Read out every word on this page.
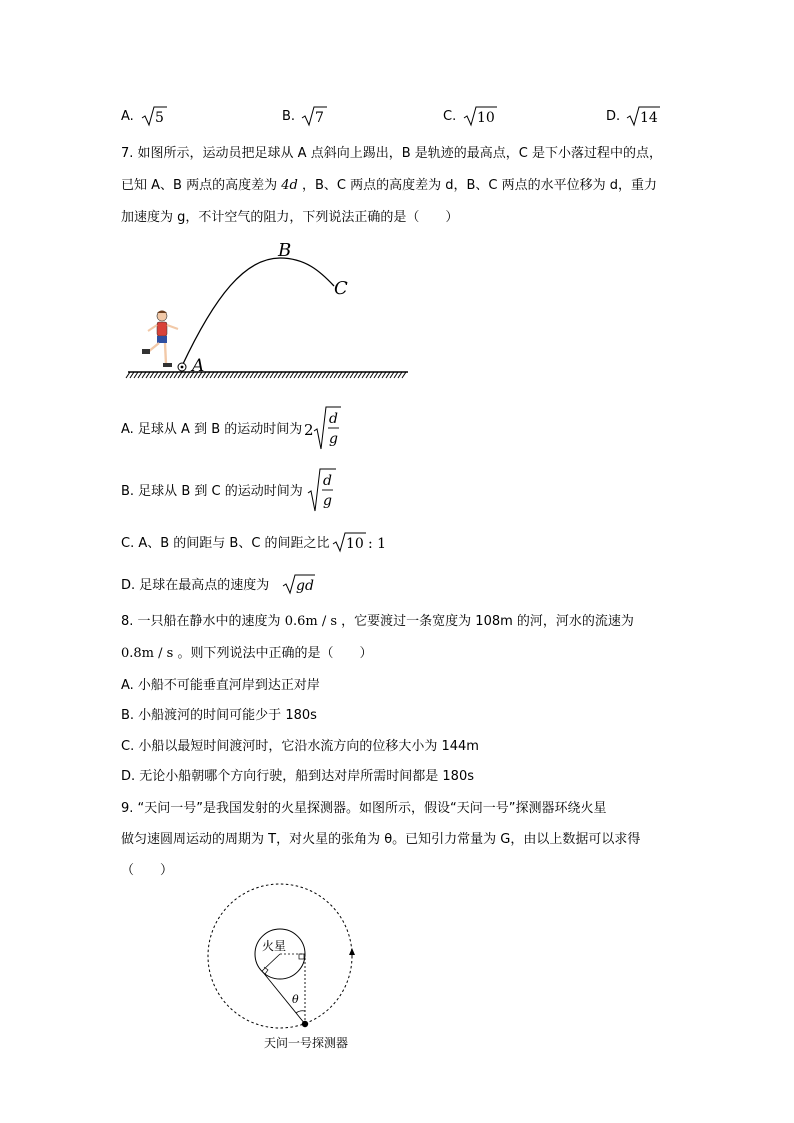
A. 5	B. 7	C. 10	D. 14
7. 如图所示，运动员把足球从 A 点斜向上踢出，B 是轨迹的最高点，C 是下小落过程中的点，
已知 A、B 两点的高度差为 4d ，B、C 两点的高度差为 d，B、C 两点的水平位移为 d，重力
加速度为 g，不计空气的阻力，下列说法正确的是（　　）
A
B
C
A. 足球从 A 到 B 的运动时间为 2
d
g
B. 足球从 B 到 C 的运动时间为
d
g
C. A、B 的间距与 B、C 的间距之比 10 : 1
D. 足球在最高点的速度为 gd
8. 一只船在静水中的速度为 0.6m / s ，它要渡过一条宽度为 108m 的河，河水的流速为
0.8m / s 。则下列说法中正确的是（　　）
A. 小船不可能垂直河岸到达正对岸
B. 小船渡河的时间可能少于 180s
C. 小船以最短时间渡河时，它沿水流方向的位移大小为 144m
D. 无论小船朝哪个方向行驶，船到达对岸所需时间都是 180s
9. “天问一号”是我国发射的火星探测器。如图所示，假设“天问一号”探测器环绕火星
做匀速圆周运动的周期为 T，对火星的张角为 θ。已知引力常量为 G，由以上数据可以求得
（　　）
火星
θ
天问一号探测器
